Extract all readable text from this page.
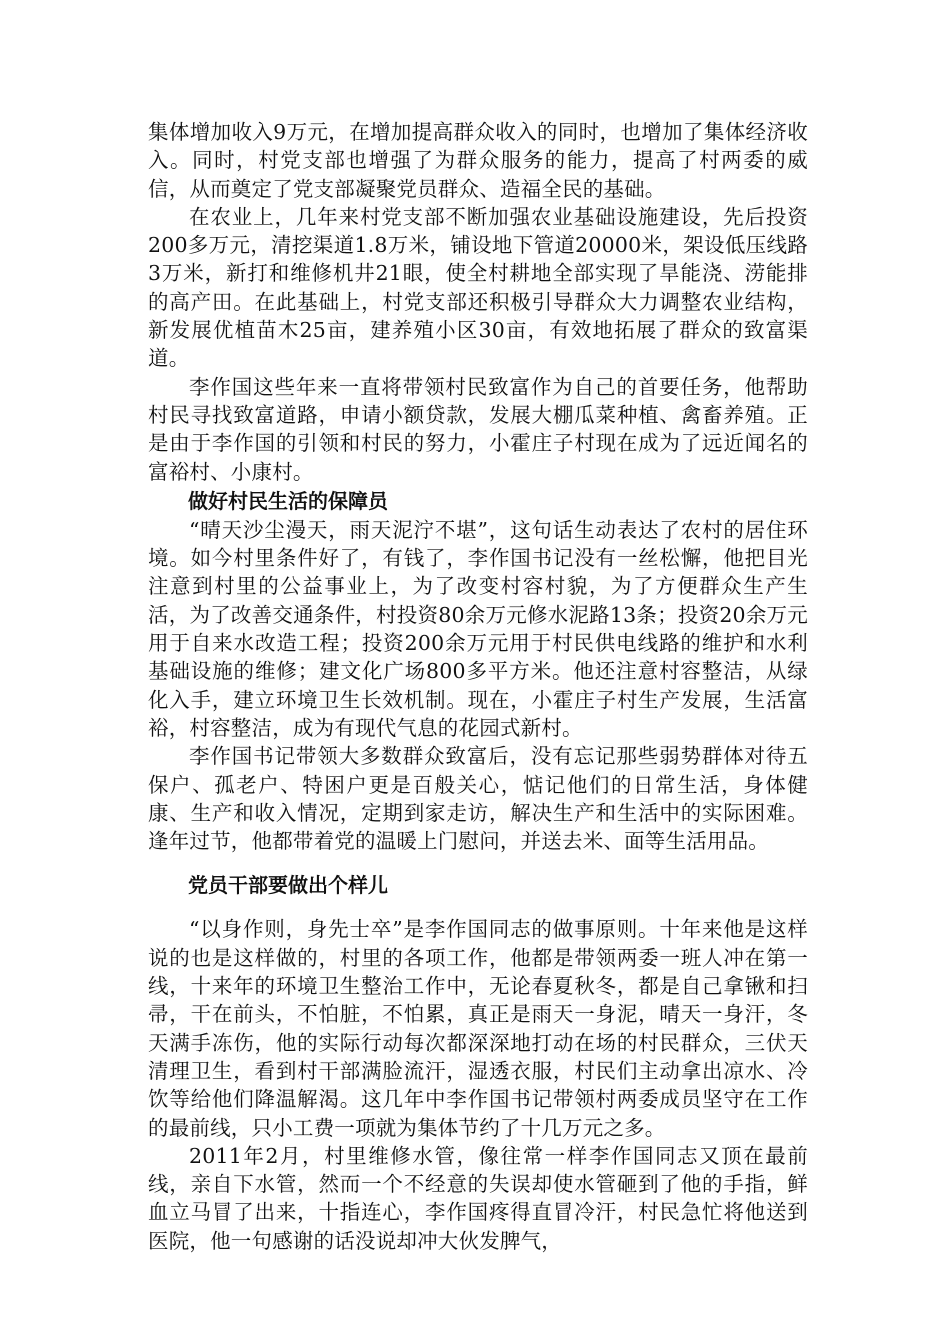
集体增加收入9万元，在增加提高群众收入的同时，也增加了集体经济收入。同时，村党支部也增强了为群众服务的能力，提高了村两委的威信，从而奠定了党支部凝聚党员群众、造福全民的基础。

在农业上，几年来村党支部不断加强农业基础设施建设，先后投资200多万元，清挖渠道1.8万米，铺设地下管道20000米，架设低压线路3万米，新打和维修机井21眼，使全村耕地全部实现了旱能浇、涝能排的高产田。在此基础上，村党支部还积极引导群众大力调整农业结构，新发展优植苗木25亩，建养殖小区30亩，有效地拓展了群众的致富渠道。

李作国这些年来一直将带领村民致富作为自己的首要任务，他帮助村民寻找致富道路，申请小额贷款，发展大棚瓜菜种植、禽畜养殖。正是由于李作国的引领和村民的努力，小霍庄子村现在成为了远近闻名的富裕村、小康村。

做好村民生活的保障员

“晴天沙尘漫天，雨天泥泞不堪”，这句话生动表达了农村的居住环境。如今村里条件好了，有钱了，李作国书记没有一丝松懈，他把目光注意到村里的公益事业上，为了改变村容村貌，为了方便群众生产生活，为了改善交通条件，村投资80余万元修水泥路13条；投资20余万元用于自来水改造工程；投资200余万元用于村民供电线路的维护和水利基础设施的维修；建文化广场800多平方米。他还注意村容整洁，从绿化入手，建立环境卫生长效机制。现在，小霍庄子村生产发展，生活富裕，村容整洁，成为有现代气息的花园式新村。

李作国书记带领大多数群众致富后，没有忘记那些弱势群体对待五保户、孤老户、特困户更是百般关心，惦记他们的日常生活，身体健康、生产和收入情况，定期到家走访，解决生产和生活中的实际困难。逢年过节，他都带着党的温暖上门慰问，并送去米、面等生活用品。

党员干部要做出个样儿

“以身作则，身先士卒”是李作国同志的做事原则。十年来他是这样说的也是这样做的，村里的各项工作，他都是带领两委一班人冲在第一线，十来年的环境卫生整治工作中，无论春夏秋冬，都是自己拿锹和扫帚，干在前头，不怕脏，不怕累，真正是雨天一身泥，晴天一身汗，冬天满手冻伤，他的实际行动每次都深深地打动在场的村民群众，三伏天清理卫生，看到村干部满脸流汗，湿透衣服，村民们主动拿出凉水、冷饮等给他们降温解渴。这几年中李作国书记带领村两委成员坚守在工作的最前线，只小工费一项就为集体节约了十几万元之多。

2011年2月，村里维修水管，像往常一样李作国同志又顶在最前线，亲自下水管，然而一个不经意的失误却使水管砸到了他的手指，鲜血立马冒了出来，十指连心，李作国疼得直冒冷汗，村民急忙将他送到医院，他一句感谢的话没说却冲大伙发脾气，
